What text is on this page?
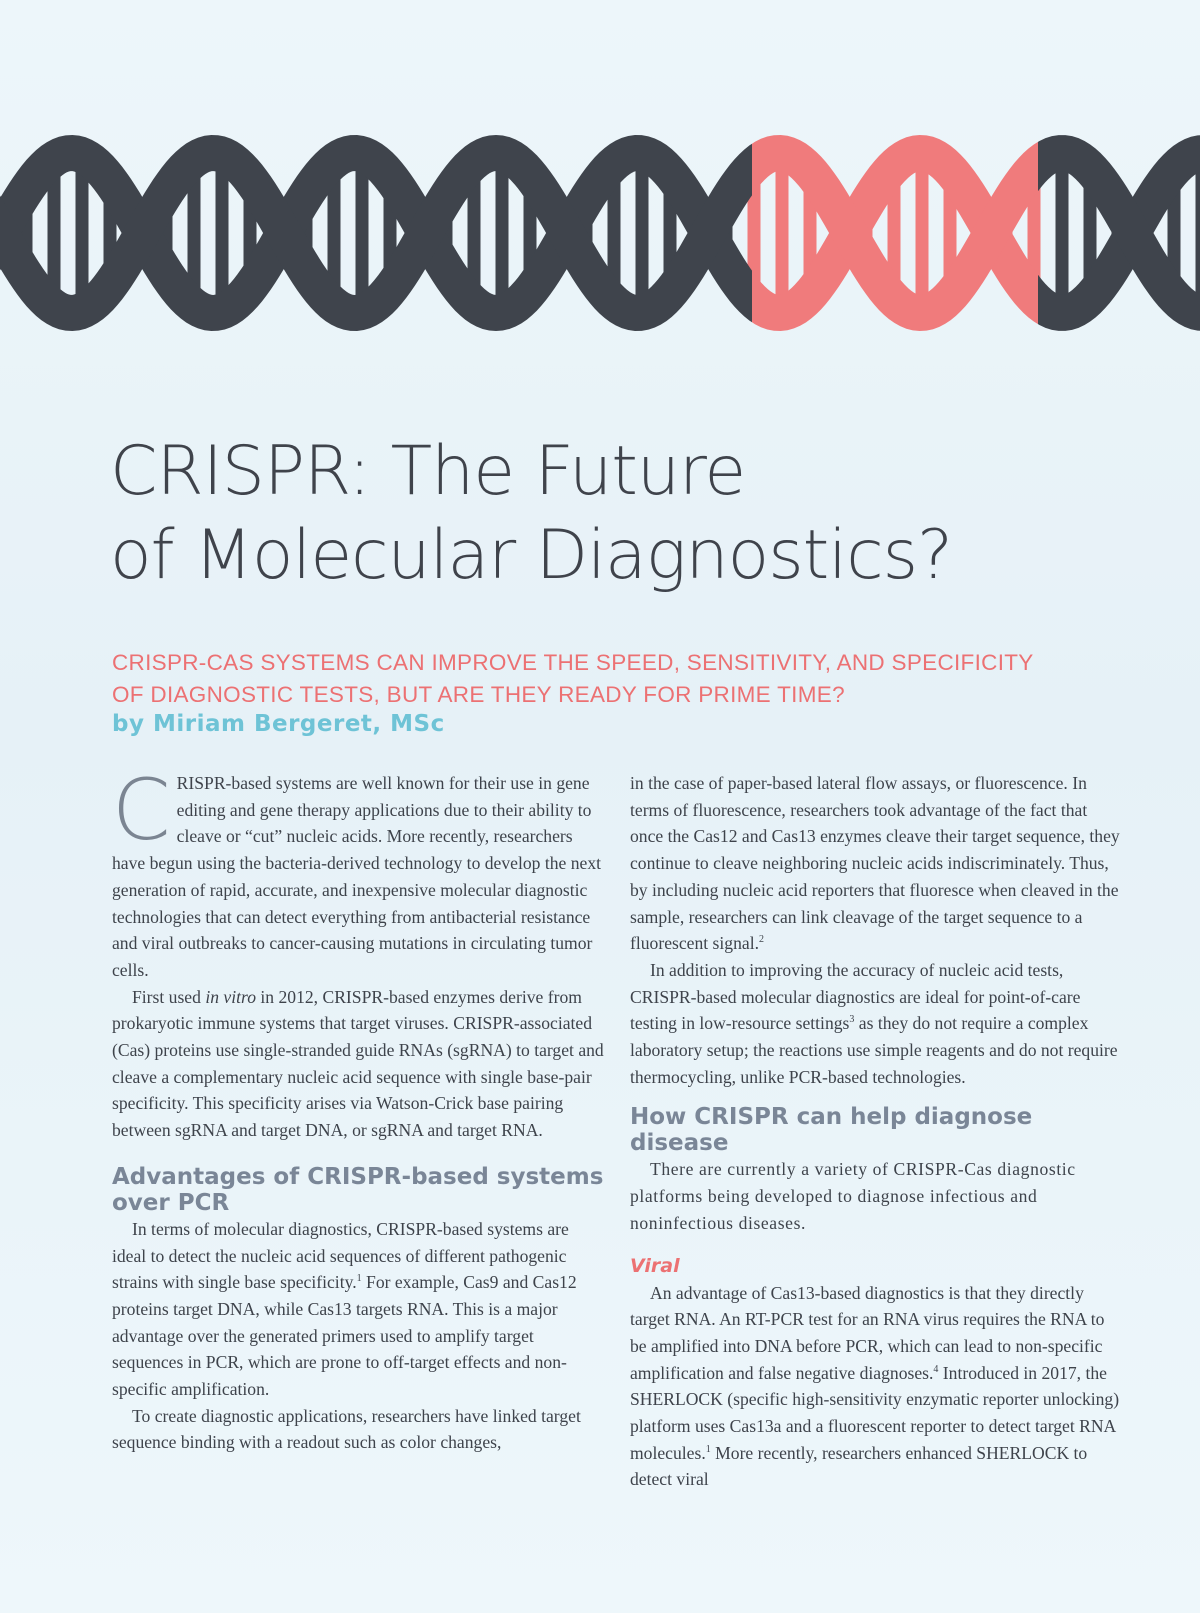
CRISPR: The Future
of Molecular Diagnostics?
CRISPR-CAS SYSTEMS CAN IMPROVE THE SPEED, SENSITIVITY, AND SPECIFICITY
OF DIAGNOSTIC TESTS, BUT ARE THEY READY FOR PRIME TIME?
by Miriam Bergeret, MSc

CRISPR-based systems are well known for their use in gene editing and gene therapy applications due to their ability to cleave or “cut” nucleic acids. More recently, researchers have begun using the bacteria-derived technology to develop the next generation of rapid, accurate, and inexpensive molecular diagnostic technologies that can detect everything from antibacterial resistance and viral outbreaks to cancer-causing mutations in circulating tumor cells.

First used in vitro in 2012, CRISPR-based enzymes derive from prokaryotic immune systems that target viruses. CRISPR-associated (Cas) proteins use single-stranded guide RNAs (sgRNA) to target and cleave a complementary nucleic acid sequence with single base-pair specificity. This specificity arises via Watson-Crick base pairing between sgRNA and target DNA, or sgRNA and target RNA.

Advantages of CRISPR-based systems over PCR

In terms of molecular diagnostics, CRISPR-based systems are ideal to detect the nucleic acid sequences of different pathogenic strains with single base specificity.$^1$ For example, Cas9 and Cas12 proteins target DNA, while Cas13 targets RNA. This is a major advantage over the generated primers used to amplify target sequences in PCR, which are prone to off-target effects and non-specific amplification.

To create diagnostic applications, researchers have linked target sequence binding with a readout such as color changes,

in the case of paper-based lateral flow assays, or fluorescence. In terms of fluorescence, researchers took advantage of the fact that once the Cas12 and Cas13 enzymes cleave their target sequence, they continue to cleave neighboring nucleic acids indiscriminately. Thus, by including nucleic acid reporters that fluoresce when cleaved in the sample, researchers can link cleavage of the target sequence to a fluorescent signal.$^2$

In addition to improving the accuracy of nucleic acid tests, CRISPR-based molecular diagnostics are ideal for point-of-care testing in low-resource settings$^3$ as they do not require a complex laboratory setup; the reactions use simple reagents and do not require thermocycling, unlike PCR-based technologies.

How CRISPR can help diagnose disease

There are currently a variety of CRISPR-Cas diagnostic platforms being developed to diagnose infectious and noninfectious diseases.

Viral

An advantage of Cas13-based diagnostics is that they directly target RNA. An RT-PCR test for an RNA virus requires the RNA to be amplified into DNA before PCR, which can lead to non-specific amplification and false negative diagnoses.$^4$ Introduced in 2017, the SHERLOCK (specific high-sensitivity enzymatic reporter unlocking) platform uses Cas13a and a fluorescent reporter to detect target RNA molecules.$^1$ More recently, researchers enhanced SHERLOCK to detect viral
